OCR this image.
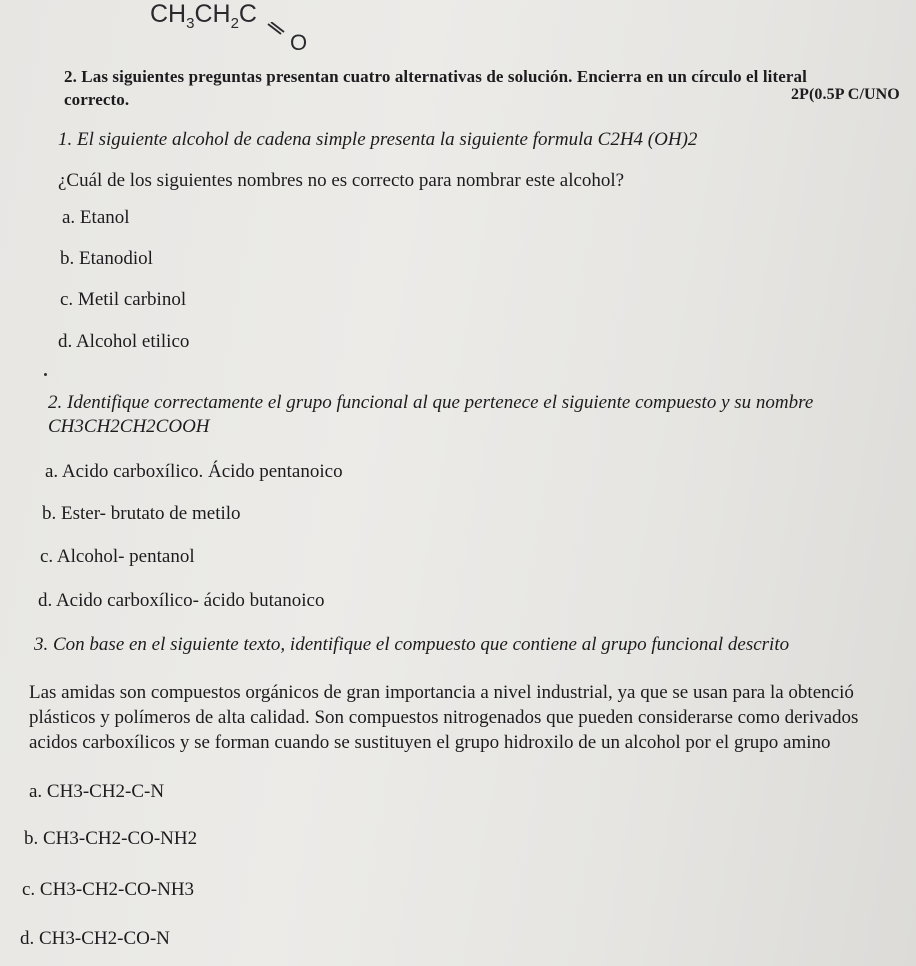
$CH_3CH_2C$
O
2. Las siguientes preguntas presentan cuatro alternativas de solución. Encierra en un círculo el literal
correcto.	2P(0.5P C/UNO
1. El siguiente alcohol de cadena simple presenta la siguiente formula C2H4 (OH)2
¿Cuál de los siguientes nombres no es correcto para nombrar este alcohol?
a. Etanol
b. Etanodiol
c. Metil carbinol
d. Alcohol etilico
2. Identifique correctamente el grupo funcional al que pertenece el siguiente compuesto y su nombre
CH3CH2CH2COOH
a. Acido carboxílico. Ácido pentanoico
b. Ester- brutato de metilo
c. Alcohol- pentanol
d. Acido carboxílico- ácido butanoico
3. Con base en el siguiente texto, identifique el compuesto que contiene al grupo funcional descrito
Las amidas son compuestos orgánicos de gran importancia a nivel industrial, ya que se usan para la obtenció
plásticos y polímeros de alta calidad. Son compuestos nitrogenados que pueden considerarse como derivados
acidos carboxílicos y se forman cuando se sustituyen el grupo hidroxilo de un alcohol por el grupo amino
a. CH3-CH2-C-N
b. CH3-CH2-CO-NH2
c. CH3-CH2-CO-NH3
d. CH3-CH2-CO-N
